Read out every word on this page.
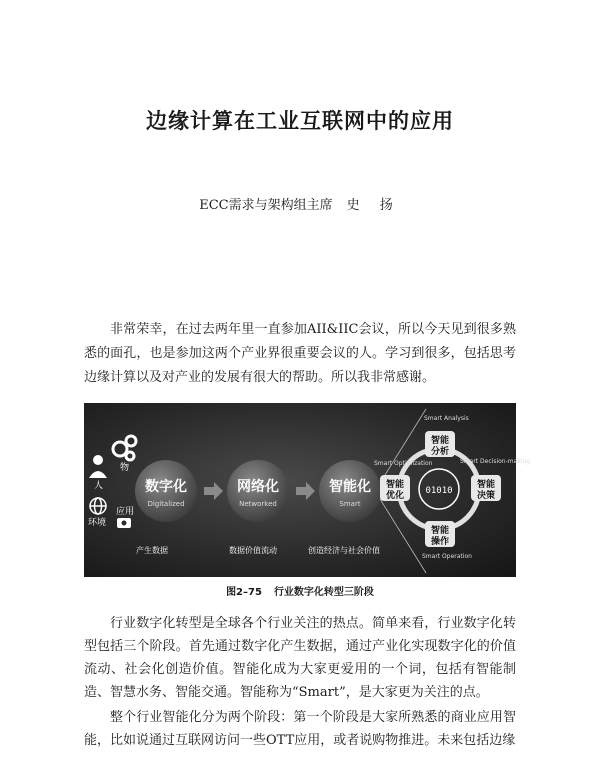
边缘计算在工业互联网中的应用
ECC需求与架构组主席 史 扬

非常荣幸，在过去两年里一直参加AII&IIC会议，所以今天见到很多熟悉的面孔，也是参加这两个产业界很重要会议的人。学习到很多，包括思考边缘计算以及对产业的发展有很大的帮助。所以我非常感谢。

物
人
环境
应用
数字化
Digitalized
网络化
Networked
智能化
Smart
产生数据	数据价值流动	创造经济与社会价值
01010
智能
分析
Smart Analysis
智能
决策
Smart Decision-making
智能
操作
Smart Operation
智能
优化
Smart Optimization
图2–75 行业数字化转型三阶段

行业数字化转型是全球各个行业关注的热点。简单来看，行业数字化转型包括三个阶段。首先通过数字化产生数据，通过产业化实现数字化的价值流动、社会化创造价值。智能化成为大家更爱用的一个词，包括有智能制造、智慧水务、智能交通。智能称为“Smart”，是大家更为关注的点。

整个行业智能化分为两个阶段：第一个阶段是大家所熟悉的商业应用智能，比如说通过互联网访问一些OTT应用，或者说购物推进。未来包括边缘
